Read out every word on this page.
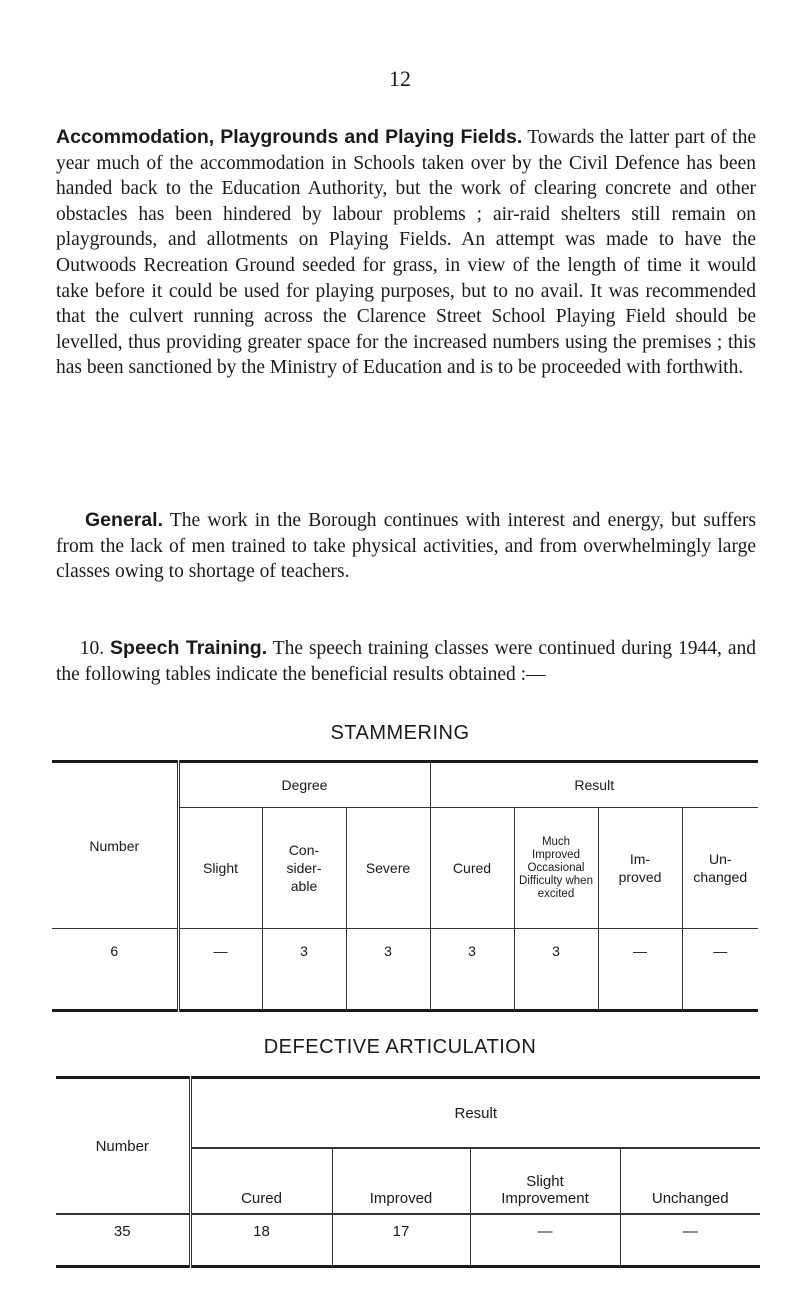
12

Accommodation, Playgrounds and Playing Fields. Towards the latter part of the year much of the accommodation in Schools taken over by the Civil Defence has been handed back to the Education Authority, but the work of clearing concrete and other obstacles has been hindered by labour problems ; air-raid shelters still remain on playgrounds, and allotments on Playing Fields. An attempt was made to have the Outwoods Recreation Ground seeded for grass, in view of the length of time it would take before it could be used for playing purposes, but to no avail. It was recommended that the culvert running across the Clarence Street School Playing Field should be levelled, thus providing greater space for the increased numbers using the premises ; this has been sanctioned by the Ministry of Education and is to be proceeded with forthwith.

General. The work in the Borough continues with interest and energy, but suffers from the lack of men trained to take physical activities, and from overwhelmingly large classes owing to shortage of teachers.

10. Speech Training. The speech training classes were continued during 1944, and the following tables indicate the beneficial results obtained :—

STAMMERING
Number	Degree			Result			
	Slight	Con-
sider-
able	Severe	Cured	Much Improved Occasional Difficulty when excited	Im-
proved	Un-
changed
6	—	3	3	3	3	—	—
DEFECTIVE ARTICULATION
Number	Result			
	Cured	Improved	Slight
Improvement	Unchanged
35	18	17	—	—
